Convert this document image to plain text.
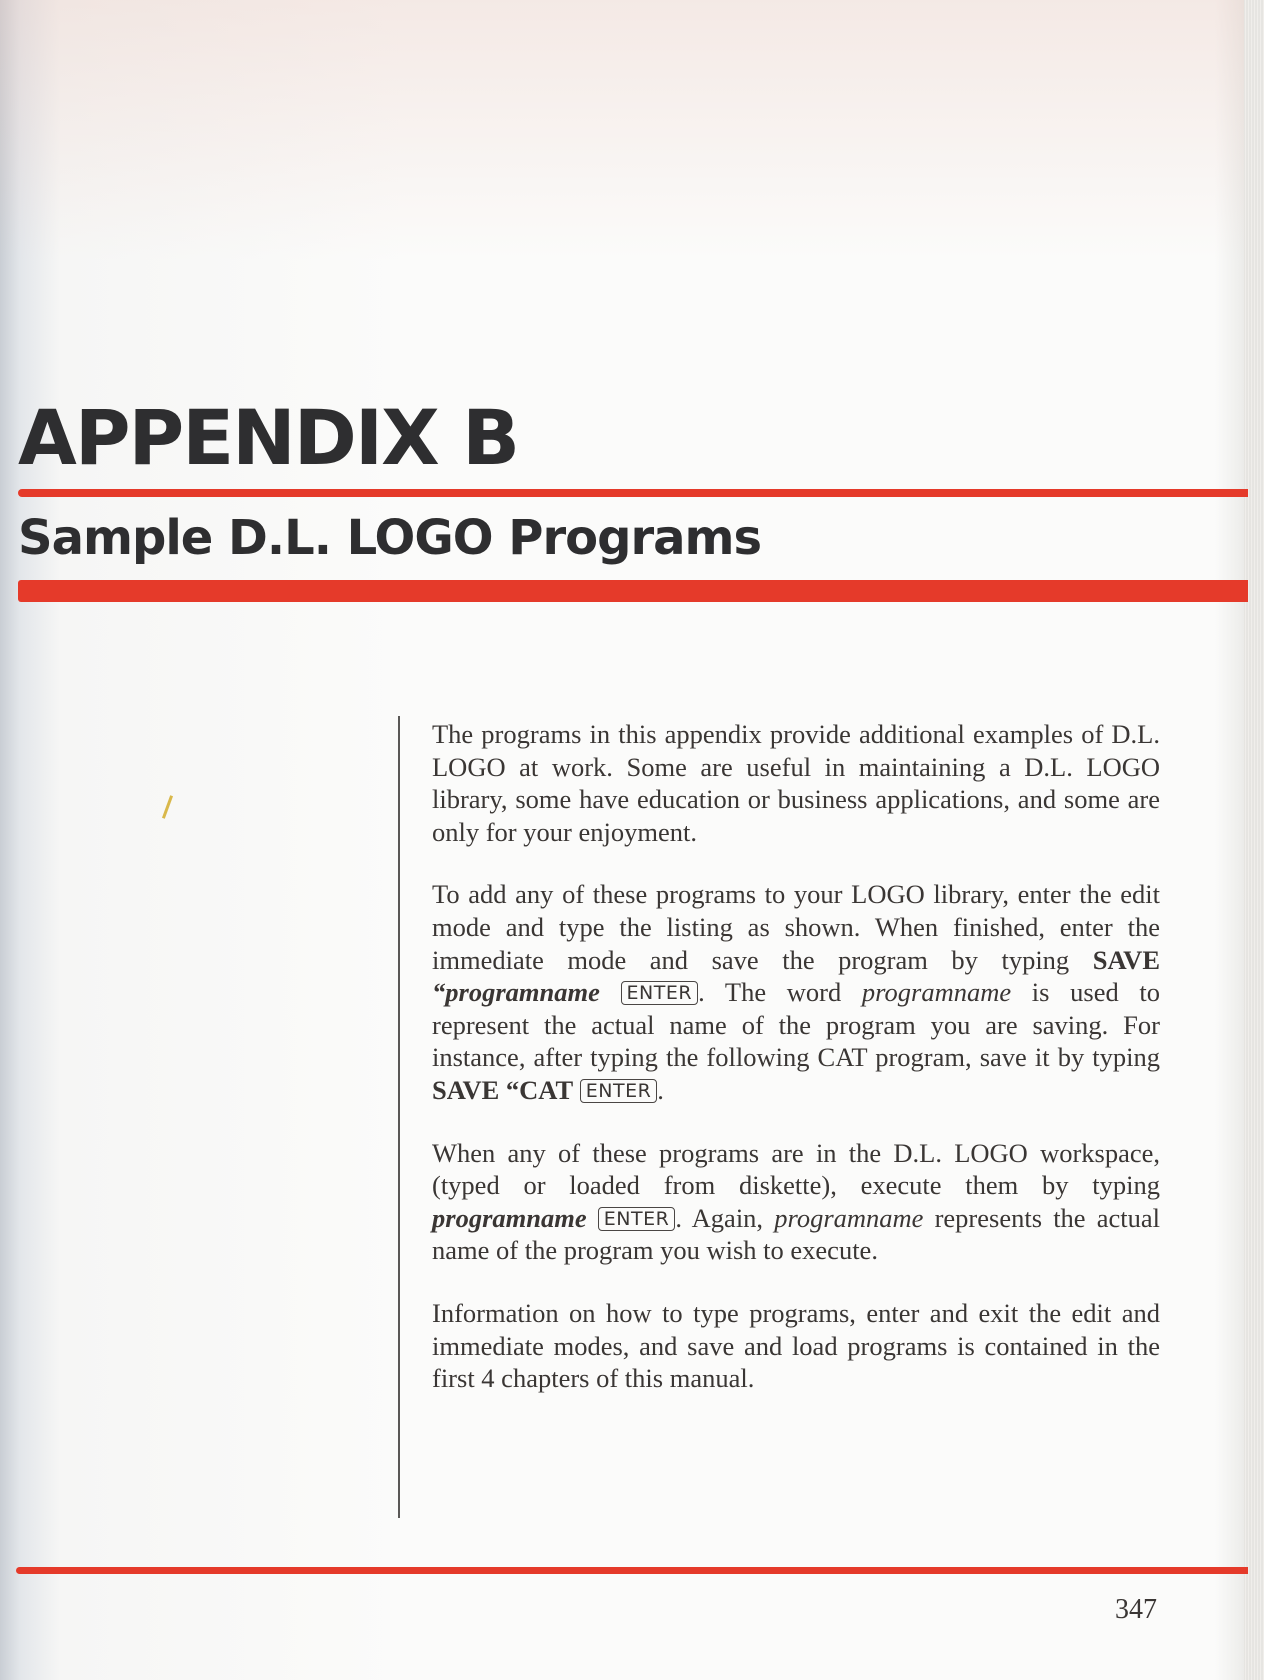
APPENDIX B
Sample D.L. LOGO Programs

The programs in this appendix provide additional examples of D.L. LOGO at work. Some are useful in maintaining a D.L. LOGO library, some have education or business applications, and some are only for your enjoyment.

To add any of these programs to your LOGO library, enter the edit mode and type the listing as shown. When finished, enter the immediate mode and save the program by typing SAVE “programname ENTER . The word programname is used to represent the actual name of the program you are saving. For instance, after typing the following CAT program, save it by typing SAVE “CAT ENTER .

When any of these programs are in the D.L. LOGO workspace, (typed or loaded from diskette), execute them by typing programname ENTER . Again, programname represents the actual name of the program you wish to execute.

Information on how to type programs, enter and exit the edit and immediate modes, and save and load programs is contained in the first 4 chapters of this manual.

347
